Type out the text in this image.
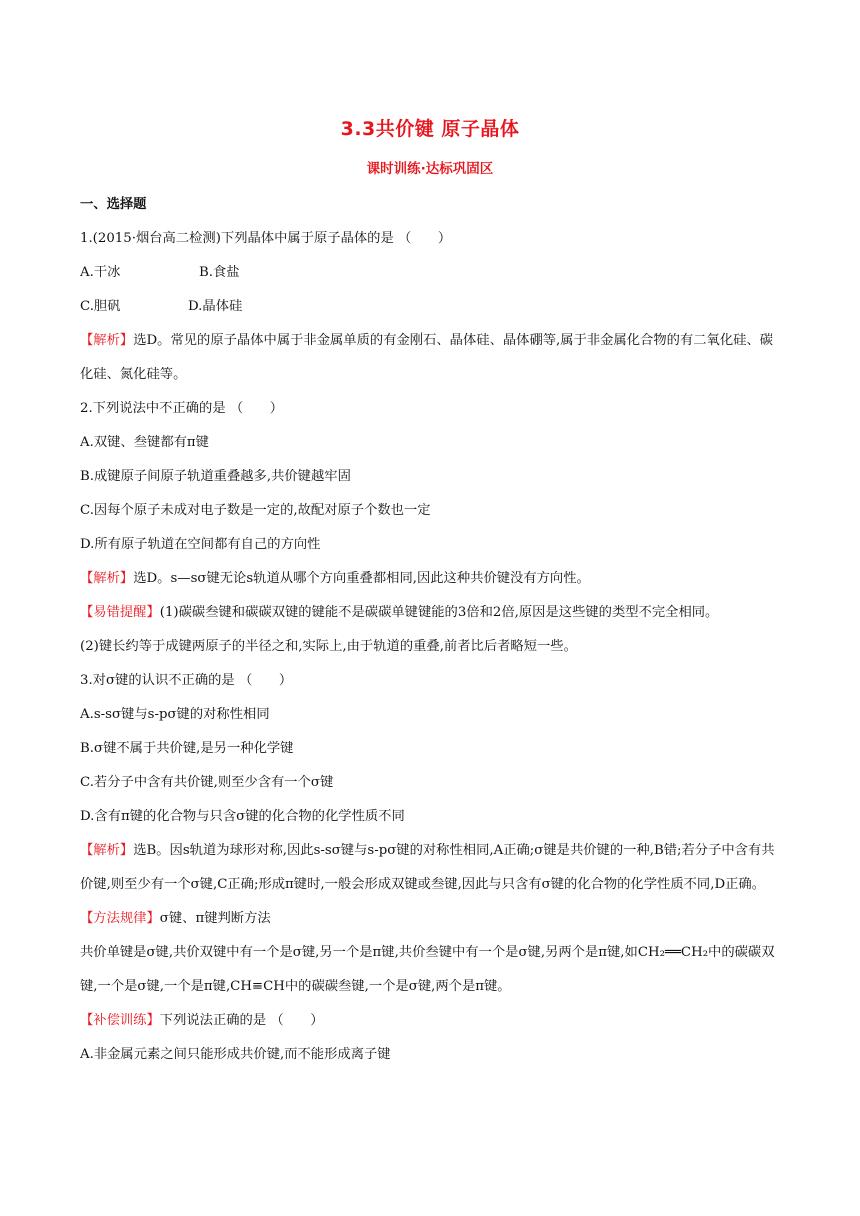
3.3共价键 原子晶体
课时训练·达标巩固区
一、选择题
1.(2015·烟台高二检测)下列晶体中属于原子晶体的是 （　　）
A.干冰	B.食盐
C.胆矾	D.晶体硅
【解析】选D。常见的原子晶体中属于非金属单质的有金刚石、晶体硅、晶体硼等,属于非金属化合物的有二氧化硅、碳化硅、氮化硅等。
2.下列说法中不正确的是 （　　）
A.双键、叁键都有π键
B.成键原子间原子轨道重叠越多,共价键越牢固
C.因每个原子未成对电子数是一定的,故配对原子个数也一定
D.所有原子轨道在空间都有自己的方向性
【解析】选D。s—sσ键无论s轨道从哪个方向重叠都相同,因此这种共价键没有方向性。
【易错提醒】(1)碳碳叁键和碳碳双键的键能不是碳碳单键键能的3倍和2倍,原因是这些键的类型不完全相同。
(2)键长约等于成键两原子的半径之和,实际上,由于轨道的重叠,前者比后者略短一些。
3.对σ键的认识不正确的是 （　　）
A.s-sσ键与s-pσ键的对称性相同
B.σ键不属于共价键,是另一种化学键
C.若分子中含有共价键,则至少含有一个σ键
D.含有π键的化合物与只含σ键的化合物的化学性质不同
【解析】选B。因s轨道为球形对称,因此s-sσ键与s-pσ键的对称性相同,A正确;σ键是共价键的一种,B错;若分子中含有共价键,则至少有一个σ键,C正确;形成π键时,一般会形成双键或叁键,因此与只含有σ键的化合物的化学性质不同,D正确。
【方法规律】σ键、π键判断方法
共价单键是σ键,共价双键中有一个是σ键,另一个是π键,共价叁键中有一个是σ键,另两个是π键,如CH₂══CH₂中的碳碳双键,一个是σ键,一个是π键,CH≡CH中的碳碳叁键,一个是σ键,两个是π键。
【补偿训练】下列说法正确的是 （　　）
A.非金属元素之间只能形成共价键,而不能形成离子键
